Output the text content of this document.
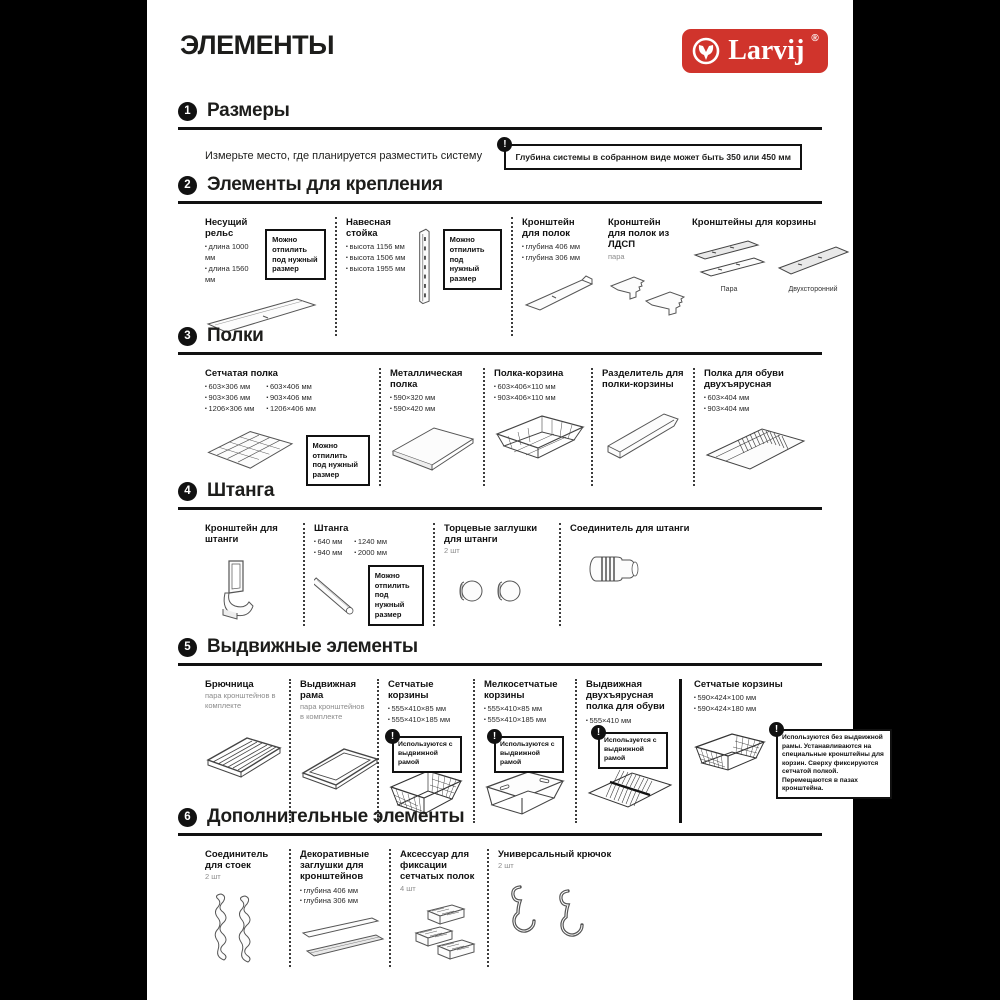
ЭЛЕМЕНТЫ	Larvij ®
1 Размеры
Измерьте место, где планируется разместить систему
!
Глубина системы в собранном виде может быть 350 или 450 мм
2 Элементы для крепления
Несущий рельс
▪ длина 1000 мм
▪ длина 1560 мм
Можно отпилить под нужный размер
Навесная стойка
▪ высота 1156 мм
▪ высота 1506 мм
▪ высота 1955 мм
Можно отпилить под нужный размер
Кронштейн для полок
▪ глубина 406 мм
▪ глубина 306 мм
Кронштейн для полок из ЛДСП
пара
Кронштейны для корзины
Пара	Двухсторонний
3 Полки
Сетчатая полка
▪ 603×306 мм
▪ 903×306 мм
▪ 1206×306 мм
▪ 603×406 мм
▪ 903×406 мм
▪ 1206×406 мм
Можно отпилить под нужный размер
Металлическая полка
▪ 590×320 мм
▪ 590×420 мм
Полка-корзина
▪ 603×406×110 мм
▪ 903×406×110 мм
Разделитель для полки-корзины
Полка для обуви двухъярусная
▪ 603×404 мм
▪ 903×404 мм
4 Штанга
Кронштейн для штанги
Штанга
▪ 640 мм
▪ 940 мм
▪ 1240 мм
▪ 2000 мм
Можно отпилить под нужный размер
Торцевые заглушки для штанги
2 шт
Соединитель для штанги
5 Выдвижные элементы
Брючница
пара кронштейнов в комплекте
Выдвижная рама
пара кронштейнов в комплекте
Сетчатые корзины
▪ 555×410×85 мм
▪ 555×410×185 мм
!
Используются с выдвижной рамой
Мелкосетчатые корзины
▪ 555×410×85 мм
▪ 555×410×185 мм
!
Используются с выдвижной рамой
Выдвижная двухъярусная полка для обуви
▪ 555×410 мм
!
Используется с выдвижной рамой
Сетчатые корзины
▪ 590×424×100 мм
▪ 590×424×180 мм
!
Используются без выдвижной рамы. Устанавливаются на специальные кронштейны для корзин. Сверху фиксируются сетчатой полкой. Перемещаются в пазах кронштейна.
6 Дополнительные элементы
Соединитель для стоек
2 шт
Декоративные заглушки для кронштейнов
▪ глубина 406 мм
▪ глубина 306 мм
Аксессуар для фиксации сетчатых полок
4 шт
Универсальный крючок
2 шт
